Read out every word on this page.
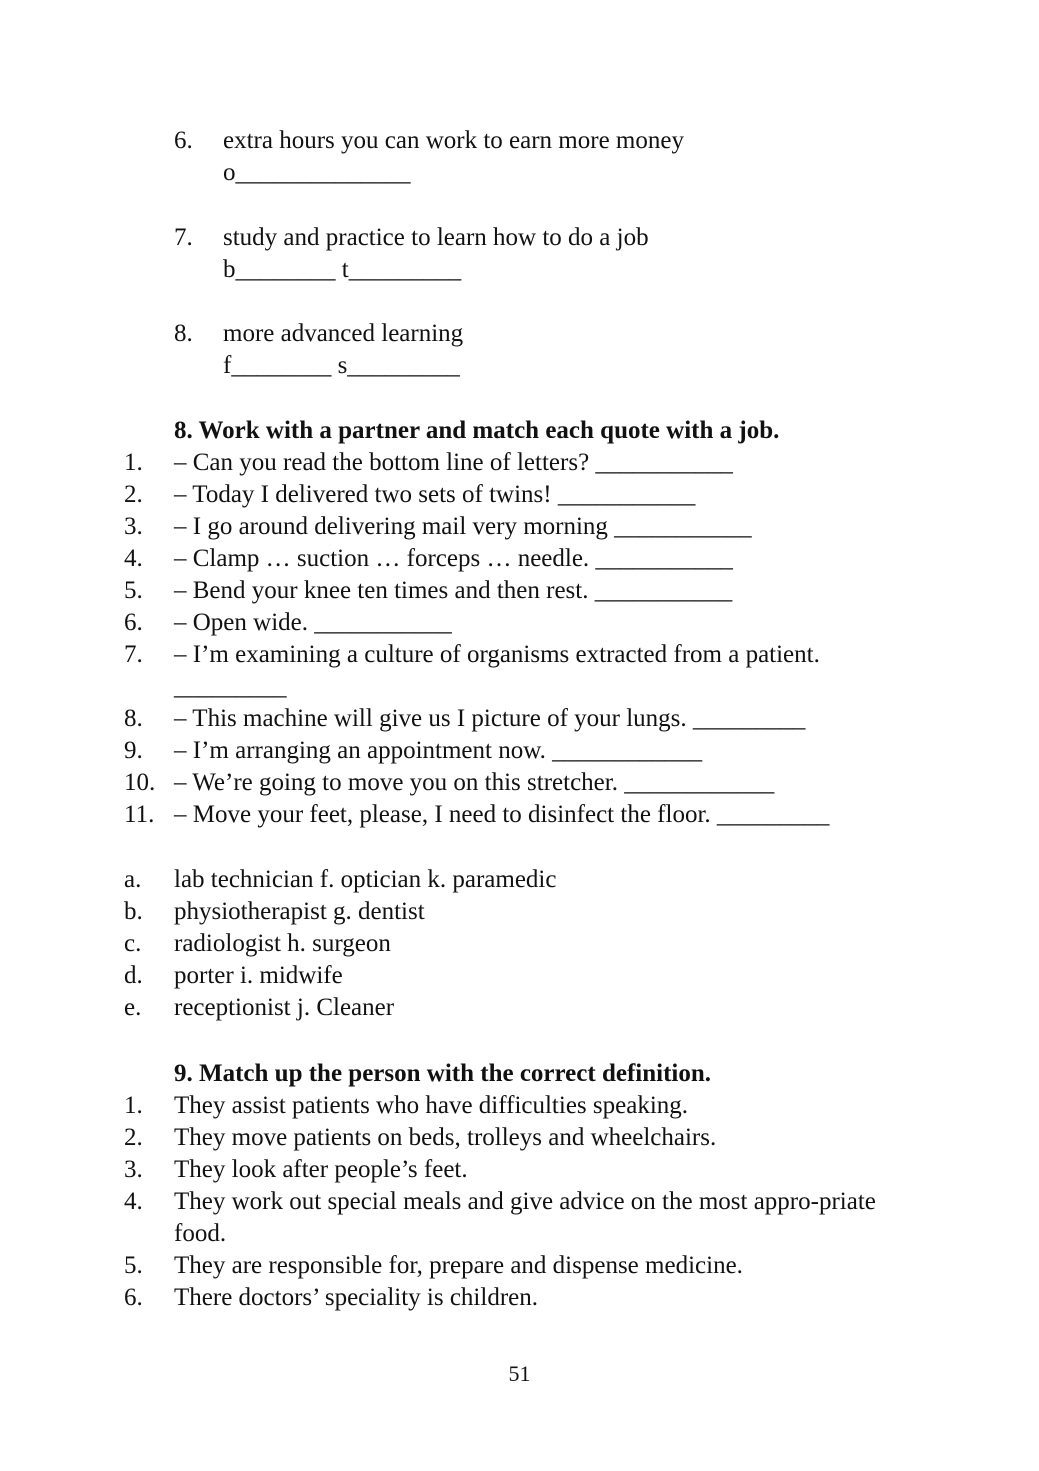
6. extra hours you can work to earn more money
o______________
7. study and practice to learn how to do a job
b________ t_________
8. more advanced learning
f________ s_________
8. Work with a partner and match each quote with a job.
1. – Can you read the bottom line of letters? ___________
2. – Today I delivered two sets of twins! ___________
3. – I go around delivering mail very morning ___________
4. – Clamp … suction … forceps … needle. ___________
5. – Bend your knee ten times and then rest. ___________
6. – Open wide. ___________
7. – I’m examining a culture of organisms extracted from a patient. _________
8. – This machine will give us I picture of your lungs. _________
9. – I’m arranging an appointment now. ____________
10. – We’re going to move you on this stretcher. ____________
11. – Move your feet, please, I need to disinfect the floor. _________
a. lab technician f. optician k. paramedic
b. physiotherapist g. dentist
c. radiologist h. surgeon
d. porter i. midwife
e. receptionist j. Cleaner
9. Match up the person with the correct definition.
1. They assist patients who have difficulties speaking.
2. They move patients on beds, trolleys and wheelchairs.
3. They look after people’s feet.
4. They work out special meals and give advice on the most appro-priate food.
5. They are responsible for, prepare and dispense medicine.
6. There doctors’ speciality is children.
51
